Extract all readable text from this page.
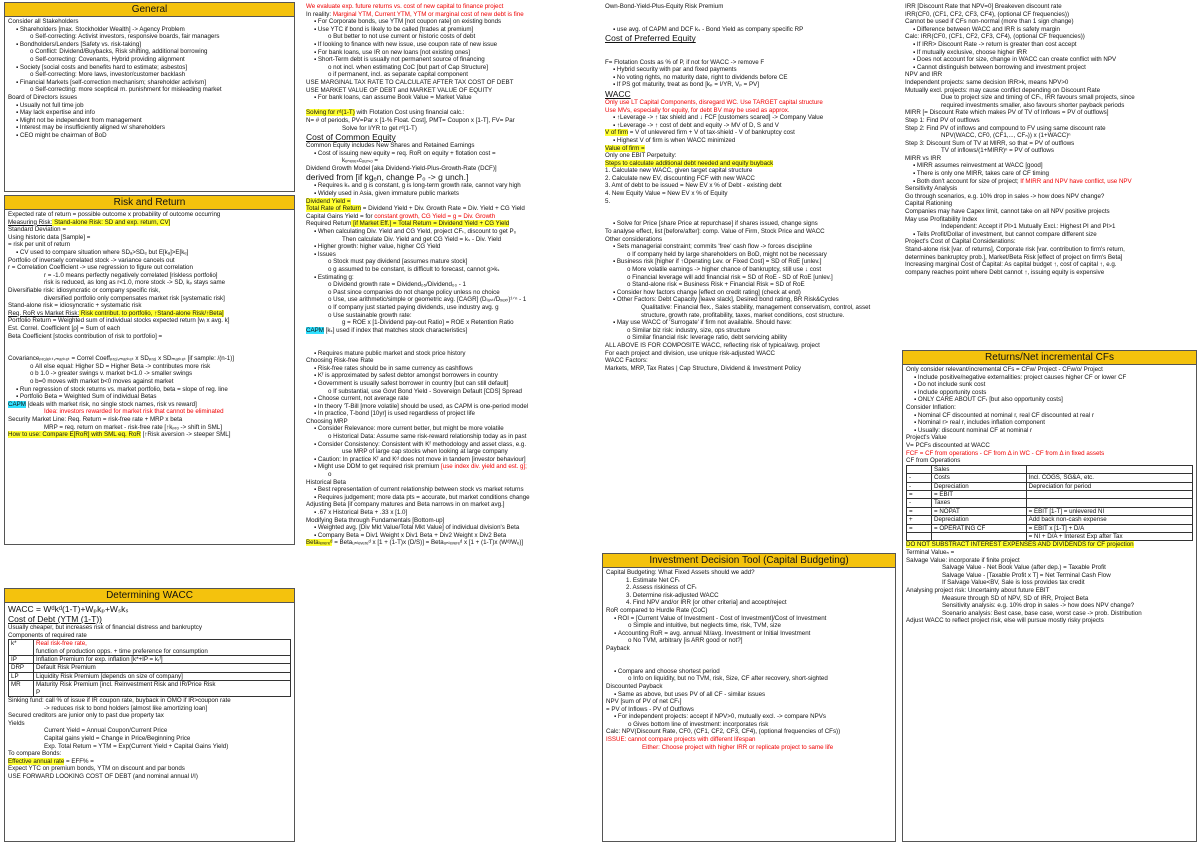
General
Consider all Stakeholders
▪ Shareholders [max. Stockholder Wealth] -> Agency Problem
o Self-correcting: Activist investors, responsive boards, fair managers
▪ Bondholders/Lenders [Safety vs. risk-taking]
o Conflict: Dividend/Buybacks, Risk shifting, additional borrowing
o Self-correcting: Covenants, Hybrid providing alignment
▪ Society [social costs and benefits hard to estimate; asbestos]
o Self-correcting: More laws, investor/customer backlash
▪ Financial Markets [self-correction mechanism; shareholder activism]
o Self-correcting: more sceptical m. punishment for misleading market
Board of Directors issues
▪ Usually not full time job
▪ May lack expertise and info
▪ Might not be independent from management
▪ Interest may be insufficiently aligned w/ shareholders
▪ CEO might be chairman of BoD
Risk and Return
Expected rate of return = possible outcome x probability of outcome occurring
Measuring Risk: Stand-alone Risk: SD and exp. return, CV]
Standard Deviation =
Using historic data [Sample] =
= risk per unit of return
▪ CV used to compare situation where SDₐ>SDₑ but E[kₐ]>E[kₑ]
Portfolio of inversely correlated stock -> variance cancels out
r = Correlation Coefficient -> use regression to figure out correlation
r = -1.0 means perfectly negatively correlated [riskless portfolio]
risk is reduced, as long as r<1.0, more stock -> SD, kₚ stays same
Diversifiable risk: idiosyncratic or company specific risk,
diversified portfolio only compensates market risk [systematic risk]
Stand-alone risk = idiosyncratic + systematic risk
Req. RoR vs Market Risk: Risk contribut. to portfolio, ↑Stand-alone Risk/↑Beta]
Portfolio Return = Weighted sum of individual stocks expected return [wᵢ x avg. k]
Est. Correl. Coefficient [ρ] = Sum of each
Beta Coefficient [stocks contribution of risk to portfolio] =
Covarianceₚᵣₒⱼₑₖₜ,ₘₐᵣₖₑₜ = Correl Coeffₚᵣₒⱼ,ₘₐᵣₖₑₜ x SDₚᵣₒⱼ x SDₘₐᵣₖₑₜ [if sample: /(n-1)]
o All else equal: Higher SD = Higher Beta -> contributes more risk
o b 1.0 -> greater swings v. market b<1.0 -> smaller swings
o b=0 moves with market b<0 moves against market
▪ Run regression of stock returns vs. market portfolio, beta = slope of reg. line
▪ Portfolio Beta = Weighted Sum of individual Betas
CAPM [deals with market risk, no single stock names, risk vs reward]
Idea: investors rewarded for market risk that cannot be eliminated
Security Market Line: Req. Return = risk-free rate + MRP x beta
MRP = req. return on market - risk-free rate [↑kₚᵣₒ -> shift in SML]
How to use: Compare E[RoR] with SML eq. RoR [↑Risk aversion -> steeper SML]
Determining WACC
WACC = Wᵈkᵈ(1-T)+Wₚkₚ+Wₛkₛ
Cost of Debt (YTM (1-T))
Usually cheaper, but increases risk of financial distress and bankruptcy
Components of required rate
k*	Real risk-free rate,
function of production opps. + time preference for consumption

IP	Inflation Premium for exp. inflation [k*+IP = kᵣᶠ]

DRP	Default Risk Premium

LP	Liquidity Risk Premium [depends on size of company]

MR	Maturity Risk Premium [incl. Reinvestment Risk and IR/Price Risk
P
Sinking fund: call % of issue if IR coupon rate, buyback in OMO if IR>coupon rate
-> reduces risk to bond holders [almost like amortizing loan]
Secured creditors are junior only to past due property tax
Yields
Current Yield = Annual Coupon/Current Price
Capital gains yield = Change in Price/Beginning Price
Exp. Total Return = YTM = Exp(Current Yield + Capital Gains Yield)
To compare Bonds:
Effective annual rate = EFF% =
Expect YTC on premium bonds, YTM on discount and par bonds
USE FORWARD LOOKING COST OF DEBT (and nominal annual I/I)
We evaluate exp. future returns vs. cost of new capital to finance project
In reality: Marginal YTM, Current YTM, YTM or marginal cost of new debt is fine
▪ For Corporate bonds, use YTM [not coupon rate] on existing bonds
▪ Use YTC if bond is likely to be called [trades at premium]
o But better to not use current or historic costs of debt
▪ If looking to finance with new issue, use coupon rate of new issue
▪ For bank loans, use IR on new loans [not existing ones]
▪ Short-Term debt is usually not permanent source of financing
o not incl. when estimating CoC [but part of Cap Structure]
o if permanent, incl. as separate capital component
USE MARGINAL TAX RATE TO CALCULATE AFTER TAX COST OF DEBT
USE MARKET VALUE OF DEBT and MARKET VALUE OF EQUITY
▪ For bank loans, can assume Book Value = Market Value
Solving for rᵈ(1-T) with Flotation Cost using financial calc.:
N= # of periods, PV=Par x [1-% Float. Cost], PMT= Coupon x [1-T], FV= Par
Solve for I/YR to get rᵈ(1-T)
Cost of Common Equity
Common Equity includes New Shares and Retained Earnings
▪ Cost of issuing new equity = req. RoR on equity + flotation cost =
kₑₙₑᵥₑₛcₒᵤᵣₛₒ =
Dividend Growth Model [aka Dividend-Yield-Plus-Growth-Rate (DCF)]
derived from [if kgₑn, change P₀ -> g unch.]
▪ Requires kₛ and g is constant, g is long-term growth rate, cannot vary high
▪ Widely used in Asia, given immature public markets
Dividend Yield =
Total Rate of Return = Dividend Yield + Div. Growth Rate = Div. Yield + CG Yield
Capital Gains Yield = for constant growth, CG Yield = g = Div. Growth
Required Return [if Market Eff.] = Total Return = Dividend Yield + CG Yield
▪ When calculating Div. Yield and CG Yield, project CFₜ, discount to get P₀
Then calculate Div. Yield and get CG Yield = kₛ - Div. Yield
▪ Higher growth: higher value, higher CG Yield
▪ Issues
o Stock must pay dividend [assumes mature stock]
o g assumed to be constant, is difficult to forecast, cannot g>kₛ
▪ Estimating g:
o Dividend growth rate = Dividend₀₅/Dividend₀₀ - 1
o Past since companies do not change policy unless no choice
o Use, use arithmetic/simple or geometric avg. [CAGR] (Dₗₐₛₜ/Dₓₑₓₜ)¹ᐟⁿ - 1
o If company just started paying dividends, use industry avg. g
o Use sustainable growth rate:
g = ROE x [1-Dividend pay-out Ratio] = ROE x Retention Ratio
CAPM [kₛ] used if index that matches stock characteristics]
▪ Requires mature public market and stock price history
Choosing Risk-free Rate
▪ Risk-free rates should be in same currency as cashflows
▪ Kᶠ is approximated by safest debtor amongst borrowers in country
▪ Government is usually safest borrower in country [but can still default]
o If substantial, use Govt Bond Yield - Sovereign Default [CDS] Spread
▪ Choose current, not average rate
▪ In theory 'T-Bill [more volatile] should be used, as CAPM is one-period model
▪ In practice, T-bond [10yr] is used regardless of project life
Choosing MRP
▪ Consider Relevance: more current better, but might be more volatile
o Historical Data: Assume same risk-reward relationship today as in past
▪ Consider Consistency: Consistent with Kᶠ methodology and asset class, e.g.
use MRP of large cap stocks when looking at large company
▪ Caution: In practice Kᶠ and Kᵈ does not move in tandem [investor behaviour]
▪ Might use DDM to get required risk premium [use index div. yield and est. g];
o
Historical Beta
▪ Best representation of current relationship between stock vs market returns
▪ Requires judgement; more data pts = accurate, but market conditions change
Adjusting Beta [if company matures and Beta narrows in on market avg.]
▪ .67 x Historical Beta + .33 x [1.0]
Modifying Beta through Fundamentals [Bottom-up]
▪ Weighted avg. [Div Mkt Value/Total Mkt Value] of individual division's Beta
▪ Company Beta = Div1 Weight x Div1 Beta + Div2 Weight x Div2 Beta
Betaₗₑᵥₑᵣₑᵈ = Betaᵤₙₗₑᵥₑᵣₑᵈ x [1 + (1-T)x (D/S)] = Betaᵤₙₗₑᵥₑᵣₑᵈ x [1 + (1-T)x (Wᵈ/Wₑ)]
Own-Bond-Yield-Plus-Equity Risk Premium
▪ use avg. of CAPM and DCF kₛ - Bond Yield as company specific RP
Cost of Preferred Equity
F= Flotation Costs as % of P, if not for WACC -> remove F
▪ Hybrid security with par and fixed payments
▪ No voting rights, no maturity date, right to dividends before CE
▪ If PS got maturity, treat as bond [kₚ = I/YR, Vₚ = PV]
WACC
Only use LT Capital Components, disregard WC. Use TARGET capital structure
Use MVs, especially for equity, for debt BV may be used as approx.
▪ ↑Leverage -> ↑ tax shield and ↓ FCF [customers scared] -> Company Value
▪ ↑Leverage -> ↑ cost of debt and equity -> MV of D, S and V
V of firm = V of unlevered firm + V of tax-shield - V of bankruptcy cost
▪ Highest V of firm is when WACC minimized
Value of firm =
Only one EBIT Perpetuity:
Steps to calculate additional debt needed and equity buyback
1. Calculate new WACC, given target capital structure
2. Calculate new EV, discounting FCF with new WACC
3. Amt of debt to be issued = New EV x % of Debt - existing debt
4. New Equity Value = New EV x % of Equity
5.
▪ Solve for Price [share Price at repurchase] if shares issued, change signs
To analyse effect, list [before/after]: comp. Value of Firm, Stock Price and WACC
Other considerations
▪ Sets managerial constraint; commits 'free' cash flow -> forces discipline
o If company held by large shareholders on BoD, might not be necessary
▪ Business risk [higher if ↑Operating Lev. or Fixed Cost] = SD of RoE [unlev.]
o More volatile earnings -> higher chance of bankruptcy, still use ↓ cost
o Financial leverage will add financial risk = SD of RoE - SD of RoE [unlev.]
o Stand-alone risk = Business Risk + Financial Risk = SD of RoE
▪ Consider how factors change [effect on credit rating] (check at end)
▪ Other Factors: Debt Capacity [leave slack], Desired bond rating, BR Risk&Cycles
Qualitative: Financial flex., Sales stability, management conservatism, control, asset
structure, growth rate, profitability, taxes, market conditions, cost structure.
▪ May use WACC of 'Surrogate' if firm not available. Should have:
o Similar biz risk: industry, size, ops structure
o Similar financial risk: leverage ratio, debt servicing ability
ALL ABOVE IS FOR COMPOSITE WACC, reflecting risk of typical/avg. project
For each project and division, use unique risk-adjusted WACC
WACC Factors:
Markets, MRP, Tax Rates | Cap Structure, Dividend & Investment Policy
Investment Decision Tool (Capital Budgeting)
Capital Budgeting: What Fixed Assets should we add?
1. Estimate Net CFₜ
2. Assess riskiness of CFₜ
3. Determine risk-adjusted WACC
4. Find NPV and/or IRR [or other criteria] and accept/reject
RoR compared to Hurdle Rate (CoC)
▪ ROI = [Current Value of Investment - Cost of Investment]/Cost of Investment
o Simple and intuitive, but neglects time, risk, TVM, size
▪ Accounting RoR = avg. annual NI/avg. Investment or Initial Investment
o No TVM, arbitrary [is ARR good or not?]
Payback
▪ Compare and choose shortest period
o Info on liquidity, but no TVM, risk, Size, CF after recovery, short-sighted
Discounted Payback
▪ Same as above, but uses PV of all CF - similar issues
NPV [sum of PV of net CFₜ]
= PV of Inflows - PV of Outflows
▪ For independent projects: accept if NPV>0, mutually excl. -> compare NPVs
o Gives bottom line of investment: incorporates risk
Calc: NPV(Discount Rate, CF0, (CF1, CF2, CF3, CF4), (optional frequencies of CFs))
ISSUE: cannot compare projects with different lifespan
Either: Choose project with higher IRR or replicate project to same life
IRR [Discount Rate that NPV=0] Breakeven discount rate
IRR(CF0, (CF1, CF2, CF3, CF4), (optional CF frequencies))
Cannot be used if CFs non-normal (more than 1 sign change)
▪ Difference between WACC and IRR is safety margin
Calc: IRR(CF0, (CF1, CF2, CF3, CF4), (optional CF frequencies))
▪ If IRR> Discount Rate -> return is greater than cost accept
▪ If mutually exclusive, choose higher IRR
▪ Does not account for size, change in WACC can create conflict with NPV
▪ Cannot distinguish between borrowing and investment project
NPV and IRR
Independent projects: same decision IRR>k, means NPV>0
Mutually excl. projects: may cause conflict depending on Discount Rate
Due to project size and timing of CFₜ, IRR favours small projects, since
required investments smaller, also favours shorter payback periods
MIRR [= Discount Rate which makes PV of TV of Inflows = PV of outflows]
Step 1: Find PV of outflows
Step 2: Find PV of inflows and compound to FV using same discount rate
NPV(WACC, CF0, (CF1,..., CFₙ)) x (1+WACC)ⁿ
Step 3: Discount Sum of TV at MIRR, so that = PV of outflows
TV of inflows/(1+MIRR)ⁿ = PV of outflows
MIRR vs IRR
▪ MIRR assumes reinvestment at WACC [good]
▪ There is only one MIRR, takes care of CF timing
▪ Both don't account for size of project; If MIRR and NPV have conflict, use NPV
Sensitivity Analysis
Go through scenarios, e.g. 10% drop in sales -> how does NPV change?
Capital Rationing
Companies may have Capex limit, cannot take on all NPV positive projects
May use Profitability Index
Independent: Accept if PI>1 Mutually Excl.: Highest PI and PI>1
▪ Tells Profit/Dollar of investment, but cannot compare different size
Project's Cost of Capital Considerations:
Stand-alone risk [var. of returns], Corporate risk [var. contribution to firm's return,
determines bankruptcy prob.], Market/Beta Risk [effect of project on firm's Beta]
Increasing marginal Cost of Capital: As capital budget ↑, cost of capital ↑, e.g.
company reaches point where Debt cannot ↑, issuing equity is expensive
Returns/Net incremental CFs
Only consider relevant/incremental CFs = CFw/ Project - CFw/o/ Project
▪ Include positive/negative externalities: project causes higher CF or lower CF
▪ Do not include sunk cost
▪ Include opportunity costs
▪ ONLY CARE ABOUT CFₜ [but also opportunity costs]
Consider Inflation:
▪ Nominal CF discounted at nominal r, real CF discounted at real r
▪ Nominal r> real r, includes inflation component
▪ Usually: discount nominal CF at nominal r
Project's Value
V= PCFs discounted at WACC
FCF = CF from operations - CF from Δ in WC - CF from Δ in fixed assets
CF from Operations
	Sales	
-	Costs	Incl. COGS, SG&A, etc.
-	Depreciation	Depreciation for period
=	= EBIT	
-	Taxes	
=	= NOPAT	= EBIT [1-T] = unlevered NI
+	Depreciation	Add back non-cash expense
=	= OPERATING CF	= EBIT x [1-T] + D/A
		= NI + D/A + Interest Exp after Tax
DO NOT SUBSTRACT INTEREST EXPENSES AND DIVIDENDS for CF projection
Terminal Valueₙ =
Salvage Value: incorporate if finite project
Salvage Value - Net Book Value (after dep.) = Taxable Profit
Salvage Value - [Taxable Profit x T] = Net Terminal Cash Flow
If Salvage Value<BV, Sale is loss provides tax credit
Analysing project risk: Uncertainty about future EBIT
Measure through SD of NPV, SD of IRR, Project Beta
Sensitivity analysis: e.g. 10% drop in sales -> how does NPV change?
Scenario analysis: Best case, base case, worst case -> prob. Distribution
Adjust WACC to reflect project risk, else will pursue mostly risky projects
